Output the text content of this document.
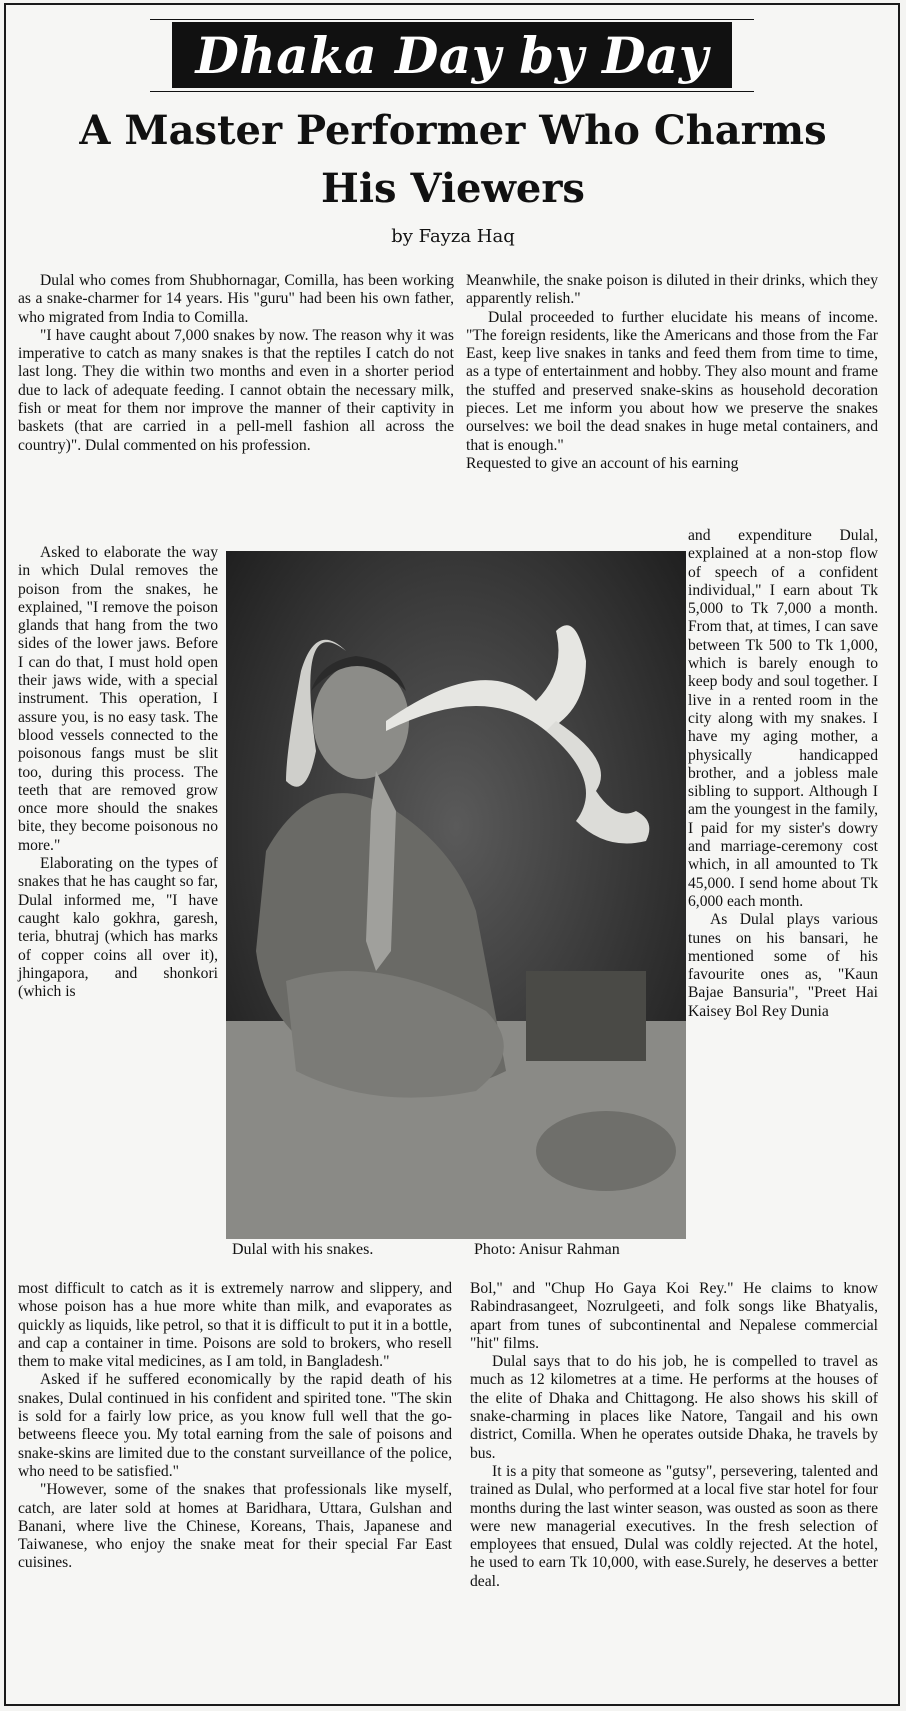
Dhaka Day by Day
A Master Performer Who Charms
His Viewers
by Fayza Haq

Dulal who comes from Shubhornagar, Comilla, has been working as a snake-charmer for 14 years. His "guru" had been his own father, who migrated from India to Comilla.

"I have caught about 7,000 snakes by now. The reason why it was imperative to catch as many snakes is that the reptiles I catch do not last long. They die within two months and even in a shorter period due to lack of adequate feeding. I cannot obtain the necessary milk, fish or meat for them nor improve the manner of their captivity in baskets (that are carried in a pell-mell fashion all across the country)". Dulal commented on his profession.

Meanwhile, the snake poison is diluted in their drinks, which they apparently relish."

Dulal proceeded to further elucidate his means of income. "The foreign residents, like the Americans and those from the Far East, keep live snakes in tanks and feed them from time to time, as a type of entertainment and hobby. They also mount and frame the stuffed and preserved snake-skins as household decoration pieces. Let me inform you about how we preserve the snakes ourselves: we boil the dead snakes in huge metal containers, and that is enough."

Requested to give an account of his earning

Asked to elaborate the way in which Dulal removes the poison from the snakes, he explained, "I remove the poison glands that hang from the two sides of the lower jaws. Before I can do that, I must hold open their jaws wide, with a special instrument. This operation, I assure you, is no easy task. The blood vessels connected to the poisonous fangs must be slit too, during this process. The teeth that are removed grow once more should the snakes bite, they become poisonous no more."

Elaborating on the types of snakes that he has caught so far, Dulal informed me, "I have caught kalo gokhra, garesh, teria, bhutraj (which has marks of copper coins all over it), jhingapora, and shonkori (which is

and expenditure Dulal, explained at a non-stop flow of speech of a confident individual," I earn about Tk 5,000 to Tk 7,000 a month. From that, at times, I can save between Tk 500 to Tk 1,000, which is barely enough to keep body and soul together. I live in a rented room in the city along with my snakes. I have my aging mother, a physically handicapped brother, and a jobless male sibling to support. Although I am the youngest in the family, I paid for my sister's dowry and marriage-ceremony cost which, in all amounted to Tk 45,000. I send home about Tk 6,000 each month.

As Dulal plays various tunes on his bansari, he mentioned some of his favourite ones as, "Kaun Bajae Bansuria", "Preet Hai Kaisey Bol Rey Dunia

Dulal with his snakes.	Photo: Anisur Rahman

most difficult to catch as it is extremely narrow and slippery, and whose poison has a hue more white than milk, and evaporates as quickly as liquids, like petrol, so that it is difficult to put it in a bottle, and cap a container in time. Poisons are sold to brokers, who resell them to make vital medicines, as I am told, in Bangladesh."

Asked if he suffered economically by the rapid death of his snakes, Dulal continued in his confident and spirited tone. "The skin is sold for a fairly low price, as you know full well that the go-betweens fleece you. My total earning from the sale of poisons and snake-skins are limited due to the constant surveillance of the police, who need to be satisfied."

"However, some of the snakes that professionals like myself, catch, are later sold at homes at Baridhara, Uttara, Gulshan and Banani, where live the Chinese, Koreans, Thais, Japanese and Taiwanese, who enjoy the snake meat for their special Far East cuisines.

Bol," and "Chup Ho Gaya Koi Rey." He claims to know Rabindrasangeet, Nozrulgeeti, and folk songs like Bhatyalis, apart from tunes of subcontinental and Nepalese commercial "hit" films.

Dulal says that to do his job, he is compelled to travel as much as 12 kilometres at a time. He performs at the houses of the elite of Dhaka and Chittagong. He also shows his skill of snake-charming in places like Natore, Tangail and his own district, Comilla. When he operates outside Dhaka, he travels by bus.

It is a pity that someone as "gutsy", persevering, talented and trained as Dulal, who performed at a local five star hotel for four months during the last winter season, was ousted as soon as there were new managerial executives. In the fresh selection of employees that ensued, Dulal was coldly rejected. At the hotel, he used to earn Tk 10,000, with ease.Surely, he deserves a better deal.
